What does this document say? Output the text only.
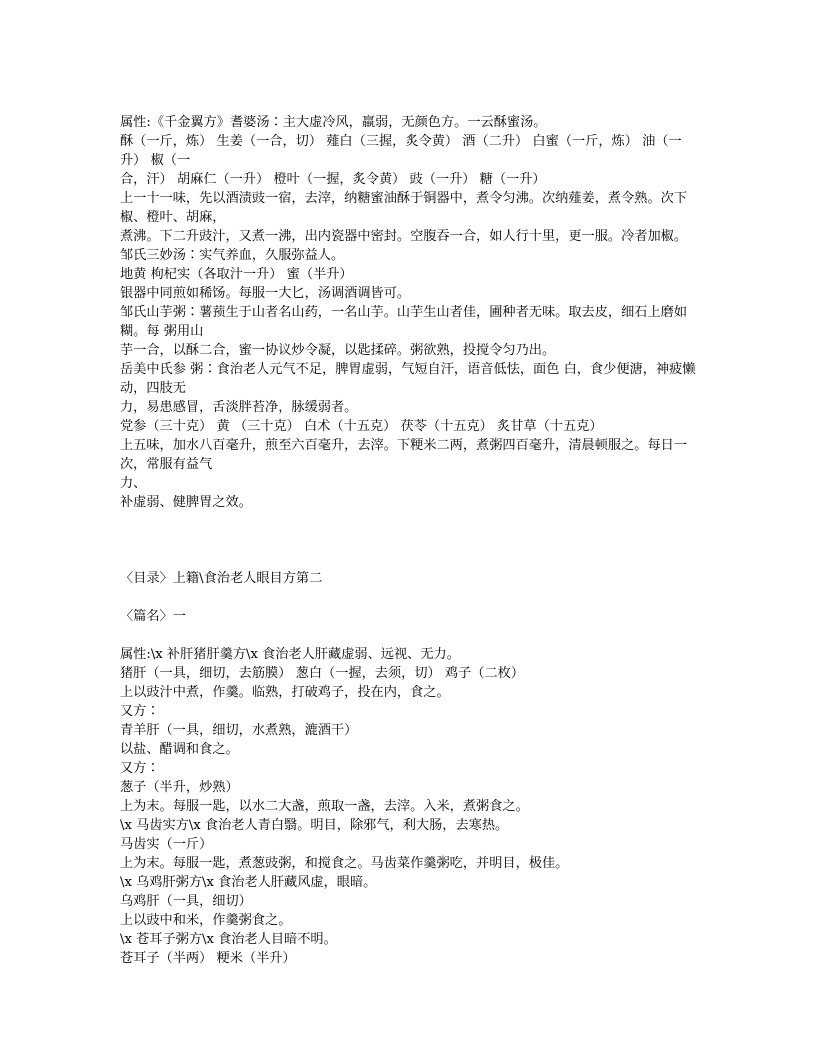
属性:《千金翼方》耆婆汤∶主大虚冷风，羸弱，无颜色方。一云酥蜜汤。
酥（一斤，炼） 生姜（一合，切） 薤白（三握，炙令黄） 酒（二升） 白蜜（一斤，炼） 油（一升） 椒（一
合，汗） 胡麻仁（一升） 橙叶（一握，炙令黄） 豉（一升） 糖（一升）
上一十一味，先以酒渍豉一宿，去滓，纳糖蜜油酥于铜器中，煮令匀沸。次纳薤姜，煮令熟。次下椒、橙叶、胡麻，
煮沸。下二升豉汁，又煮一沸，出内瓷器中密封。空腹吞一合，如人行十里，更一服。冷者加椒。
邹氏三妙汤∶实气养血，久服弥益人。
地黄 枸杞实（各取汁一升） 蜜（半升）
银器中同煎如稀饧。每服一大匕，汤调酒调皆可。
邹氏山芋粥∶薯蓣生于山者名山药，一名山芋。山芋生山者佳，圃种者无味。取去皮，细石上磨如糊。每 粥用山
芋一合，以酥二合，蜜一协议炒令凝，以匙揉碎。粥欲熟，投搅令匀乃出。
岳美中氏参 粥∶食治老人元气不足，脾胃虚弱，气短自汗，语音低怯，面色 白，食少便溏，神疲懒动，四肢无
力，易患感冒，舌淡胖苔净，脉缓弱者。
党参（三十克） 黄 （三十克） 白术（十五克） 茯苓（十五克） 炙甘草（十五克）
上五味，加水八百毫升，煎至六百毫升，去滓。下粳米二两，煮粥四百毫升，清晨顿服之。每日一次，常服有益气
力、
补虚弱、健脾胃之效。
〈目录〉上籍\食治老人眼目方第二
〈篇名〉一
属性:\x 补肝猪肝羹方\x 食治老人肝藏虚弱、远视、无力。
猪肝（一具，细切，去筋膜） 葱白（一握，去须，切） 鸡子（二枚）
上以豉汁中煮，作羹。临熟，打破鸡子，投在内，食之。
又方∶
青羊肝（一具，细切，水煮熟，漉酒干）
以盐、醋调和食之。
又方∶
葱子（半升，炒熟）
上为末。每服一匙，以水二大盏，煎取一盏，去滓。入米，煮粥食之。
\x 马齿实方\x 食治老人青白翳。明目，除邪气，利大肠，去寒热。
马齿实（一斤）
上为末。每服一匙，煮葱豉粥，和搅食之。马齿菜作羹粥吃，并明目，极佳。
\x 乌鸡肝粥方\x 食治老人肝藏风虚，眼暗。
乌鸡肝（一具，细切）
上以豉中和米，作羹粥食之。
\x 苍耳子粥方\x 食治老人目暗不明。
苍耳子（半两） 粳米（半升）
